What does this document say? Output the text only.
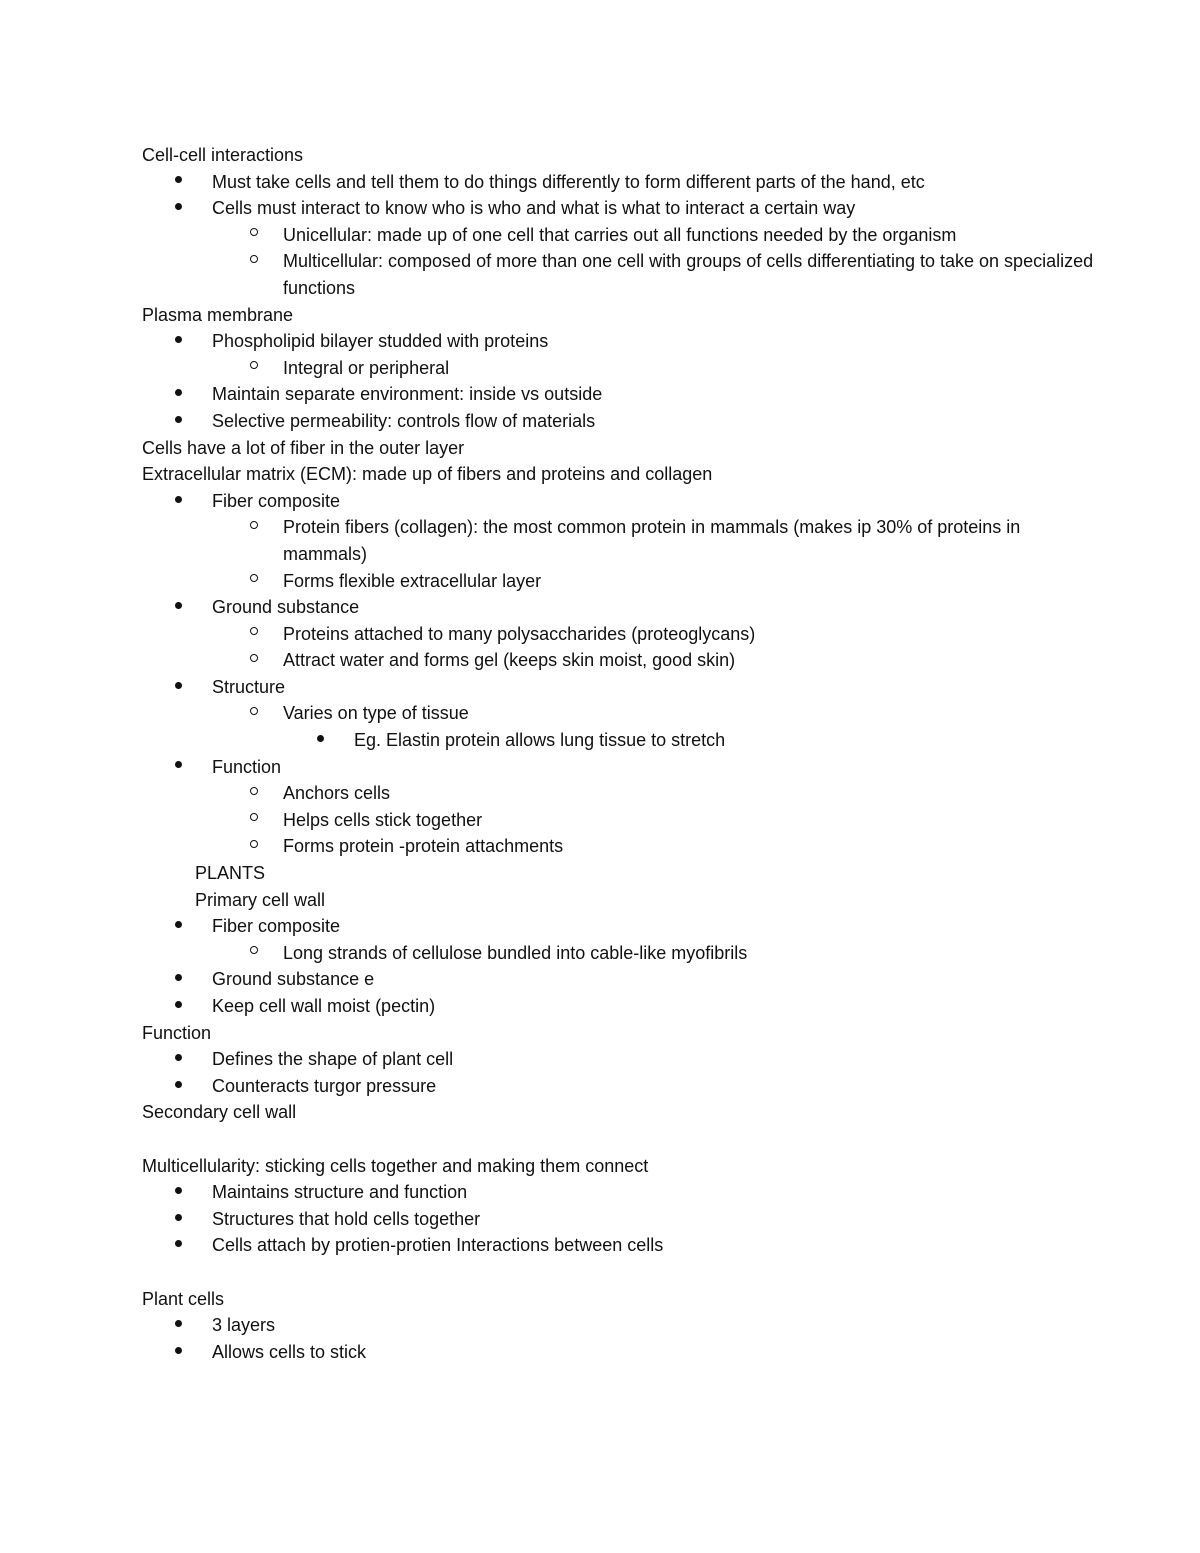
Cell-cell interactions
Must take cells and tell them to do things differently to form different parts of the hand, etc
Cells must interact to know who is who and what is what to interact a certain way
Unicellular: made up of one cell that carries out all functions needed by the organism
Multicellular: composed of more than one cell with groups of cells differentiating to take on specialized functions
Plasma membrane
Phospholipid bilayer studded with proteins
Integral or peripheral
Maintain separate environment: inside vs outside
Selective permeability: controls flow of materials
Cells have a lot of fiber in the outer layer
Extracellular matrix (ECM): made up of fibers and proteins and collagen
Fiber composite
Protein fibers (collagen): the most common protein in mammals (makes ip 30% of proteins in mammals)
Forms flexible extracellular layer
Ground substance
Proteins attached to many polysaccharides (proteoglycans)
Attract water and forms gel (keeps skin moist, good skin)
Structure
Varies on type of tissue
Eg. Elastin protein allows lung tissue to stretch
Function
Anchors cells
Helps cells stick together
Forms protein -protein attachments
PLANTS
Primary cell wall
Fiber composite
Long strands of cellulose bundled into cable-like myofibrils
Ground substance e
Keep cell wall moist (pectin)
Function
Defines the shape of plant cell
Counteracts turgor pressure
Secondary cell wall
Multicellularity: sticking cells together and making them connect
Maintains structure and function
Structures that hold cells together
Cells attach by protien-protien Interactions between cells
Plant cells
3 layers
Allows cells to stick
